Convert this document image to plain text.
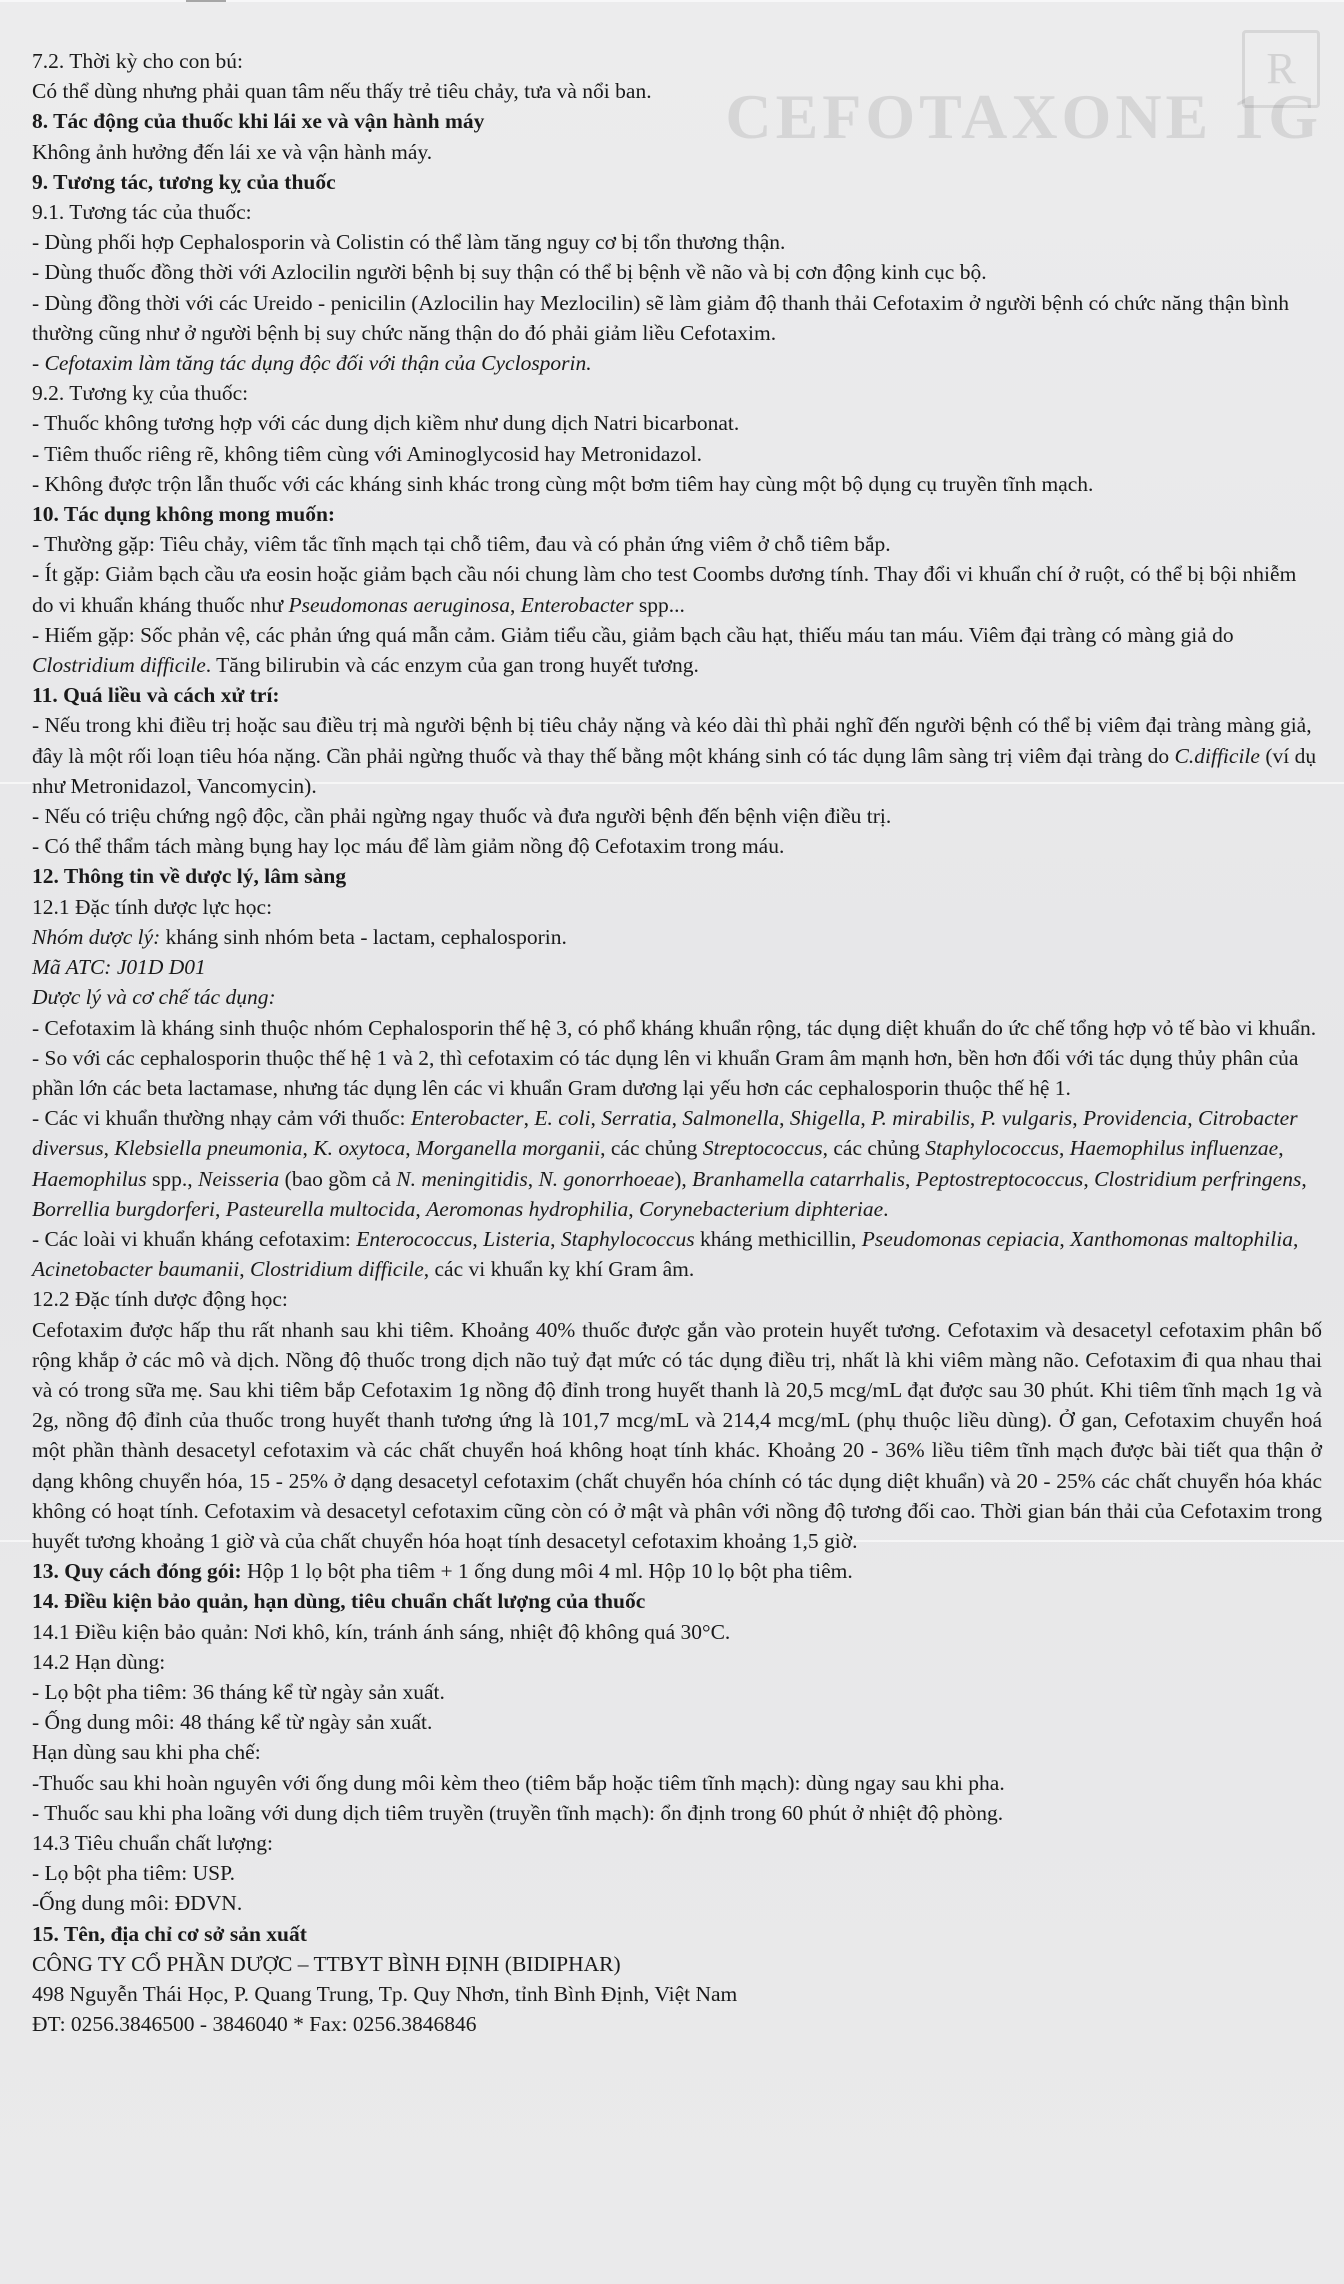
R
CEFOTAXONE 1G

7.2. Thời kỳ cho con bú:

Có thể dùng nhưng phải quan tâm nếu thấy trẻ tiêu chảy, tưa và nổi ban.

8. Tác động của thuốc khi lái xe và vận hành máy

Không ảnh hưởng đến lái xe và vận hành máy.

9. Tương tác, tương kỵ của thuốc

9.1. Tương tác của thuốc:

- Dùng phối hợp Cephalosporin và Colistin có thể làm tăng nguy cơ bị tổn thương thận.

- Dùng thuốc đồng thời với Azlocilin người bệnh bị suy thận có thể bị bệnh về não và bị cơn động kinh cục bộ.

- Dùng đồng thời với các Ureido - penicilin (Azlocilin hay Mezlocilin) sẽ làm giảm độ thanh thải Cefotaxim ở người bệnh có chức năng thận bình thường cũng như ở người bệnh bị suy chức năng thận do đó phải giảm liều Cefotaxim.

- Cefotaxim làm tăng tác dụng độc đối với thận của Cyclosporin.

9.2. Tương kỵ của thuốc:

- Thuốc không tương hợp với các dung dịch kiềm như dung dịch Natri bicarbonat.

- Tiêm thuốc riêng rẽ, không tiêm cùng với Aminoglycosid hay Metronidazol.

- Không được trộn lẫn thuốc với các kháng sinh khác trong cùng một bơm tiêm hay cùng một bộ dụng cụ truyền tĩnh mạch.

10. Tác dụng không mong muốn:

- Thường gặp: Tiêu chảy, viêm tắc tĩnh mạch tại chỗ tiêm, đau và có phản ứng viêm ở chỗ tiêm bắp.

- Ít gặp: Giảm bạch cầu ưa eosin hoặc giảm bạch cầu nói chung làm cho test Coombs dương tính. Thay đổi vi khuẩn chí ở ruột, có thể bị bội nhiễm do vi khuẩn kháng thuốc như Pseudomonas aeruginosa, Enterobacter spp...

- Hiếm gặp: Sốc phản vệ, các phản ứng quá mẫn cảm. Giảm tiểu cầu, giảm bạch cầu hạt, thiếu máu tan máu. Viêm đại tràng có màng giả do Clostridium difficile. Tăng bilirubin và các enzym của gan trong huyết tương.

11. Quá liều và cách xử trí:

- Nếu trong khi điều trị hoặc sau điều trị mà người bệnh bị tiêu chảy nặng và kéo dài thì phải nghĩ đến người bệnh có thể bị viêm đại tràng màng giả, đây là một rối loạn tiêu hóa nặng. Cần phải ngừng thuốc và thay thế bằng một kháng sinh có tác dụng lâm sàng trị viêm đại tràng do C.difficile (ví dụ như Metronidazol, Vancomycin).

- Nếu có triệu chứng ngộ độc, cần phải ngừng ngay thuốc và đưa người bệnh đến bệnh viện điều trị.

- Có thể thẩm tách màng bụng hay lọc máu để làm giảm nồng độ Cefotaxim trong máu.

12. Thông tin về dược lý, lâm sàng

12.1 Đặc tính dược lực học:

Nhóm dược lý: kháng sinh nhóm beta - lactam, cephalosporin.

Mã ATC: J01D D01

Dược lý và cơ chế tác dụng:

- Cefotaxim là kháng sinh thuộc nhóm Cephalosporin thế hệ 3, có phổ kháng khuẩn rộng, tác dụng diệt khuẩn do ức chế tổng hợp vỏ tế bào vi khuẩn.

- So với các cephalosporin thuộc thế hệ 1 và 2, thì cefotaxim có tác dụng lên vi khuẩn Gram âm mạnh hơn, bền hơn đối với tác dụng thủy phân của phần lớn các beta lactamase, nhưng tác dụng lên các vi khuẩn Gram dương lại yếu hơn các cephalosporin thuộc thế hệ 1.

- Các vi khuẩn thường nhạy cảm với thuốc: Enterobacter, E. coli, Serratia, Salmonella, Shigella, P. mirabilis, P. vulgaris, Providencia, Citrobacter diversus, Klebsiella pneumonia, K. oxytoca, Morganella morganii, các chủng Streptococcus, các chủng Staphylococcus, Haemophilus influenzae, Haemophilus spp., Neisseria (bao gồm cả N. meningitidis, N. gonorrhoeae), Branhamella catarrhalis, Peptostreptococcus, Clostridium perfringens, Borrellia burgdorferi, Pasteurella multocida, Aeromonas hydrophilia, Corynebacterium diphteriae.

- Các loài vi khuẩn kháng cefotaxim: Enterococcus, Listeria, Staphylococcus kháng methicillin, Pseudomonas cepiacia, Xanthomonas maltophilia, Acinetobacter baumanii, Clostridium difficile, các vi khuẩn kỵ khí Gram âm.

12.2 Đặc tính dược động học:

Cefotaxim được hấp thu rất nhanh sau khi tiêm. Khoảng 40% thuốc được gắn vào protein huyết tương. Cefotaxim và desacetyl cefotaxim phân bố rộng khắp ở các mô và dịch. Nồng độ thuốc trong dịch não tuỷ đạt mức có tác dụng điều trị, nhất là khi viêm màng não. Cefotaxim đi qua nhau thai và có trong sữa mẹ. Sau khi tiêm bắp Cefotaxim 1g nồng độ đỉnh trong huyết thanh là 20,5 mcg/mL đạt được sau 30 phút. Khi tiêm tĩnh mạch 1g và 2g, nồng độ đỉnh của thuốc trong huyết thanh tương ứng là 101,7 mcg/mL và 214,4 mcg/mL (phụ thuộc liều dùng). Ở gan, Cefotaxim chuyển hoá một phần thành desacetyl cefotaxim và các chất chuyển hoá không hoạt tính khác. Khoảng 20 - 36% liều tiêm tĩnh mạch được bài tiết qua thận ở dạng không chuyển hóa, 15 - 25% ở dạng desacetyl cefotaxim (chất chuyển hóa chính có tác dụng diệt khuẩn) và 20 - 25% các chất chuyển hóa khác không có hoạt tính. Cefotaxim và desacetyl cefotaxim cũng còn có ở mật và phân với nồng độ tương đối cao. Thời gian bán thải của Cefotaxim trong huyết tương khoảng 1 giờ và của chất chuyển hóa hoạt tính desacetyl cefotaxim khoảng 1,5 giờ.

13. Quy cách đóng gói: Hộp 1 lọ bột pha tiêm + 1 ống dung môi 4 ml. Hộp 10 lọ bột pha tiêm.

14. Điều kiện bảo quản, hạn dùng, tiêu chuẩn chất lượng của thuốc

14.1 Điều kiện bảo quản: Nơi khô, kín, tránh ánh sáng, nhiệt độ không quá 30°C.

14.2 Hạn dùng:

- Lọ bột pha tiêm: 36 tháng kể từ ngày sản xuất.

- Ống dung môi: 48 tháng kể từ ngày sản xuất.

Hạn dùng sau khi pha chế:

-Thuốc sau khi hoàn nguyên với ống dung môi kèm theo (tiêm bắp hoặc tiêm tĩnh mạch): dùng ngay sau khi pha.

- Thuốc sau khi pha loãng với dung dịch tiêm truyền (truyền tĩnh mạch): ổn định trong 60 phút ở nhiệt độ phòng.

14.3 Tiêu chuẩn chất lượng:

- Lọ bột pha tiêm: USP.

-Ống dung môi: ĐDVN.

15. Tên, địa chỉ cơ sở sản xuất

CÔNG TY CỔ PHẦN DƯỢC – TTBYT BÌNH ĐỊNH (BIDIPHAR)

498 Nguyễn Thái Học, P. Quang Trung, Tp. Quy Nhơn, tỉnh Bình Định, Việt Nam

ĐT: 0256.3846500 - 3846040 * Fax: 0256.3846846
